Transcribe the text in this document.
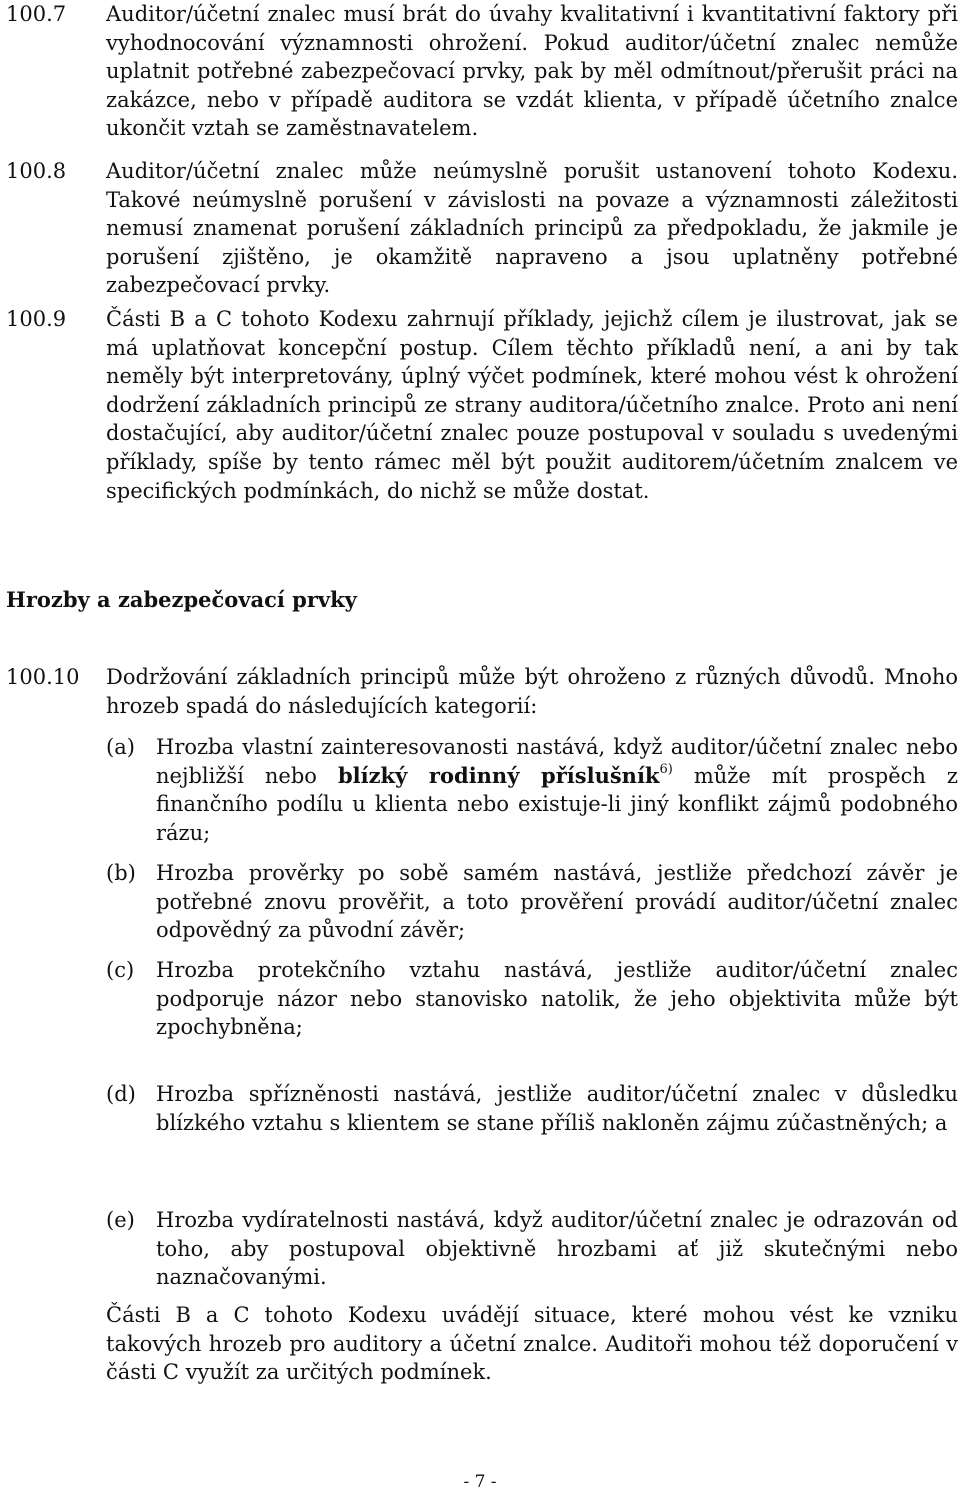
100.7	Auditor/účetní znalec musí brát do úvahy kvalitativní i kvantitativní faktory při vyhodnocování významnosti ohrožení. Pokud auditor/účetní znalec nemůže uplatnit potřebné zabezpečovací prvky, pak by měl odmítnout/přerušit práci na zakázce, nebo v případě auditora se vzdát klienta, v případě účetního znalce ukončit vztah se zaměstnavatelem.
100.8	Auditor/účetní znalec může neúmyslně porušit ustanovení tohoto Kodexu. Takové neúmyslně porušení v závislosti na povaze a významnosti záležitosti nemusí znamenat porušení základních principů za předpokladu, že jakmile je porušení zjištěno, je okamžitě napraveno a jsou uplatněny potřebné zabezpečovací prvky.
100.9	Části B a C tohoto Kodexu zahrnují příklady, jejichž cílem je ilustrovat, jak se má uplatňovat koncepční postup. Cílem těchto příkladů není, a ani by tak neměly být interpretovány, úplný výčet podmínek, které mohou vést k ohrožení dodržení základních principů ze strany auditora/účetního znalce. Proto ani není dostačující, aby auditor/účetní znalec pouze postupoval v souladu s uvedenými příklady, spíše by tento rámec měl být použit auditorem/účetním znalcem ve specifických podmínkách, do nichž se může dostat.
Hrozby a zabezpečovací prvky
100.10	Dodržování základních principů může být ohroženo z různých důvodů. Mnoho hrozeb spadá do následujících kategorií:
(a)	Hrozba vlastní zainteresovanosti nastává, když auditor/účetní znalec nebo nejbližší nebo blízký rodinný příslušník$^{6)}$ může mít prospěch z finančního podílu u klienta nebo existuje-li jiný konflikt zájmů podobného rázu;
(b) Hrozba prověrky po sobě samém nastává, jestliže předchozí závěr je potřebné znovu prověřit, a toto prověření provádí auditor/účetní znalec odpovědný za původní závěr;
(c)	Hrozba protekčního vztahu nastává, jestliže auditor/účetní znalec podporuje názor nebo stanovisko natolik, že jeho objektivita může být zpochybněna;
(d) Hrozba spřízněnosti nastává, jestliže auditor/účetní znalec v důsledku blízkého vztahu s klientem se stane příliš nakloněn zájmu zúčastněných; a
(e)	Hrozba vydíratelnosti nastává, když auditor/účetní znalec je odrazován od toho, aby postupoval objektivně hrozbami ať již skutečnými nebo naznačovanými.
Části B a C tohoto Kodexu uvádějí situace, které mohou vést ke vzniku takových hrozeb pro auditory a účetní znalce. Auditoři mohou též doporučení v části C využít za určitých podmínek.
- 7 -
